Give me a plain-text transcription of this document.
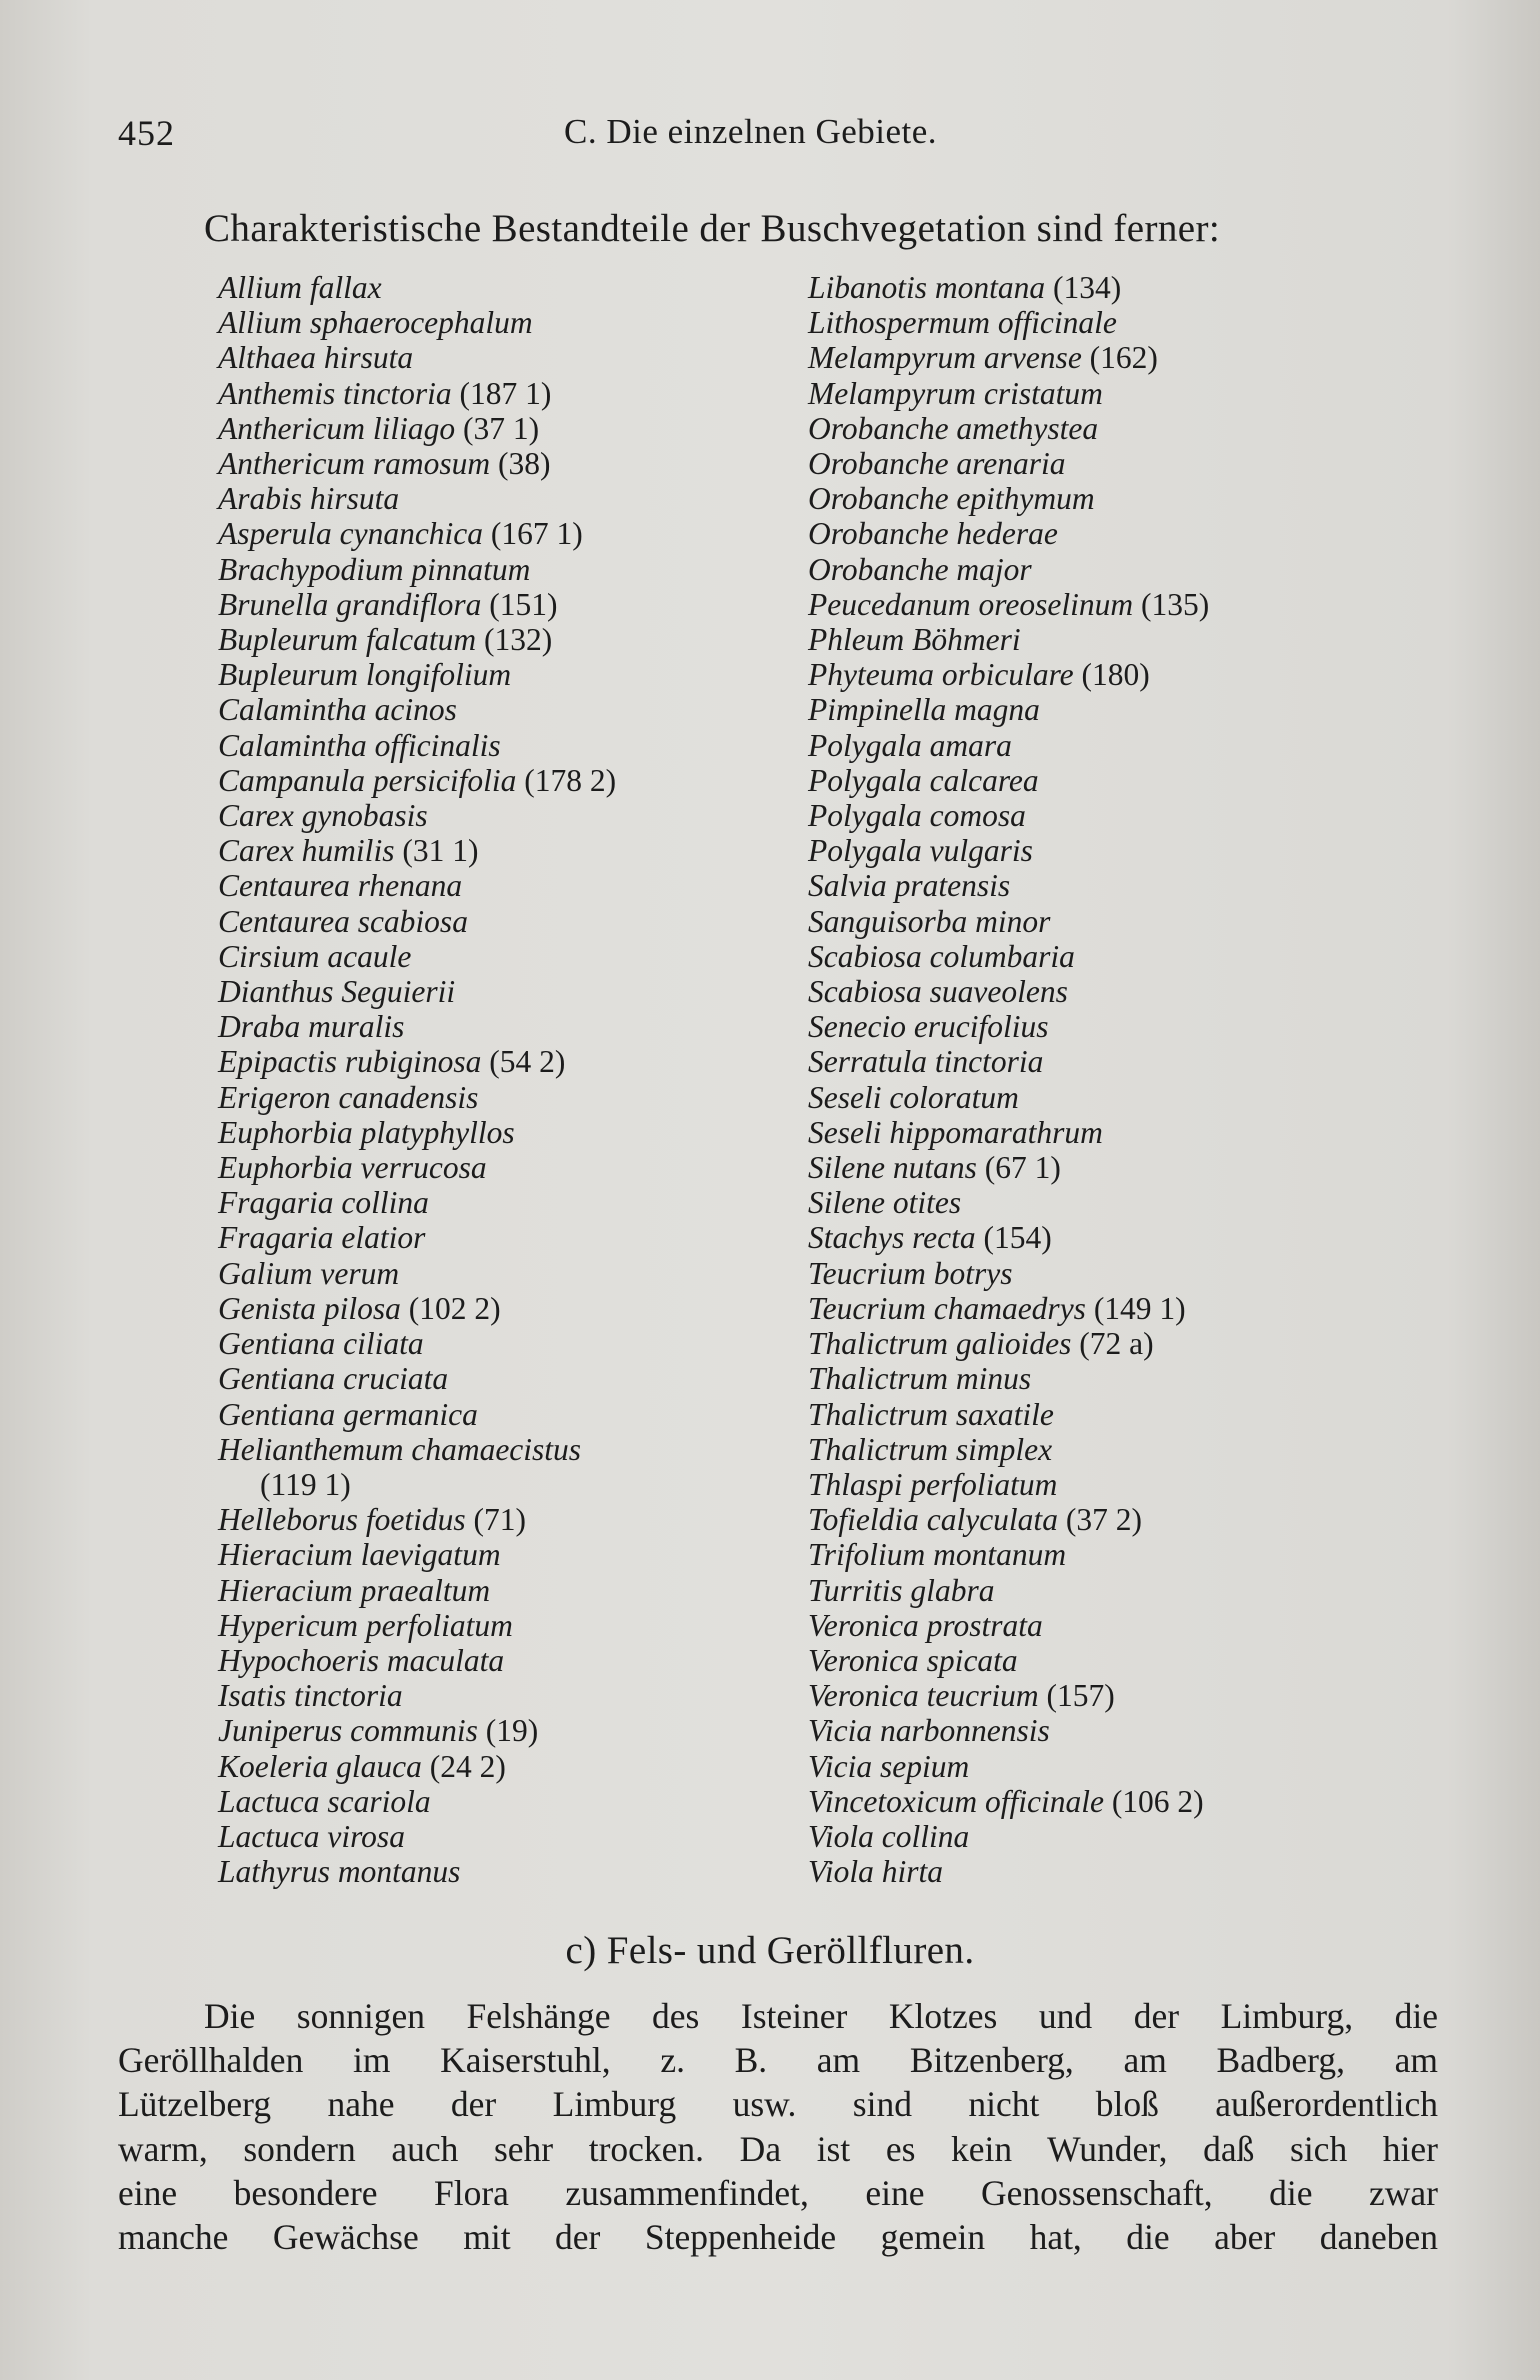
452	C. Die einzelnen Gebiete.
Charakteristische Bestandteile der Buschvegetation sind ferner:
Allium fallax
Allium sphaerocephalum
Althaea hirsuta
Anthemis tinctoria (187 1)
Anthericum liliago (37 1)
Anthericum ramosum (38)
Arabis hirsuta
Asperula cynanchica (167 1)
Brachypodium pinnatum
Brunella grandiflora (151)
Bupleurum falcatum (132)
Bupleurum longifolium
Calamintha acinos
Calamintha officinalis
Campanula persicifolia (178 2)
Carex gynobasis
Carex humilis (31 1)
Centaurea rhenana
Centaurea scabiosa
Cirsium acaule
Dianthus Seguierii
Draba muralis
Epipactis rubiginosa (54 2)
Erigeron canadensis
Euphorbia platyphyllos
Euphorbia verrucosa
Fragaria collina
Fragaria elatior
Galium verum
Genista pilosa (102 2)
Gentiana ciliata
Gentiana cruciata
Gentiana germanica
Helianthemum chamaecistus
(119 1)
Helleborus foetidus (71)
Hieracium laevigatum
Hieracium praealtum
Hypericum perfoliatum
Hypochoeris maculata
Isatis tinctoria
Juniperus communis (19)
Koeleria glauca (24 2)
Lactuca scariola
Lactuca virosa
Lathyrus montanus
Libanotis montana (134)
Lithospermum officinale
Melampyrum arvense (162)
Melampyrum cristatum
Orobanche amethystea
Orobanche arenaria
Orobanche epithymum
Orobanche hederae
Orobanche major
Peucedanum oreoselinum (135)
Phleum Böhmeri
Phyteuma orbiculare (180)
Pimpinella magna
Polygala amara
Polygala calcarea
Polygala comosa
Polygala vulgaris
Salvia pratensis
Sanguisorba minor
Scabiosa columbaria
Scabiosa suaveolens
Senecio erucifolius
Serratula tinctoria
Seseli coloratum
Seseli hippomarathrum
Silene nutans (67 1)
Silene otites
Stachys recta (154)
Teucrium botrys
Teucrium chamaedrys (149 1)
Thalictrum galioides (72 a)
Thalictrum minus
Thalictrum saxatile
Thalictrum simplex
Thlaspi perfoliatum
Tofieldia calyculata (37 2)
Trifolium montanum
Turritis glabra
Veronica prostrata
Veronica spicata
Veronica teucrium (157)
Vicia narbonnensis
Vicia sepium
Vincetoxicum officinale (106 2)
Viola collina
Viola hirta
c) Fels- und Geröllfluren.
Die sonnigen Felshänge des Isteiner Klotzes und der Limburg, die
Geröllhalden im Kaiserstuhl, z. B. am Bitzenberg, am Badberg, am
Lützelberg nahe der Limburg usw. sind nicht bloß außerordentlich
warm, sondern auch sehr trocken. Da ist es kein Wunder, daß sich hier
eine besondere Flora zusammenfindet, eine Genossenschaft, die zwar
manche Gewächse mit der Steppenheide gemein hat, die aber daneben
